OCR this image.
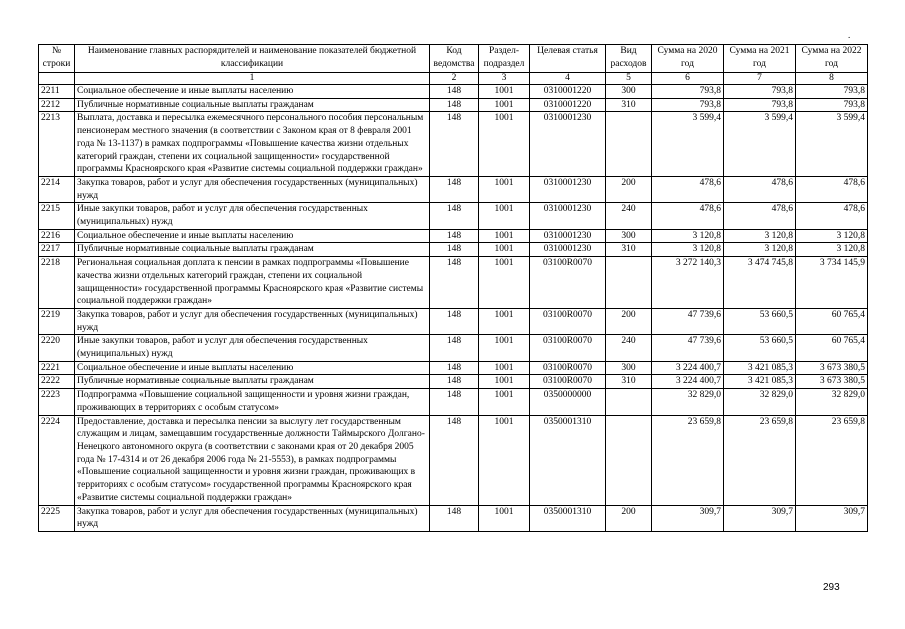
.
№ строки	Наименование главных распорядителей и наименование показателей бюджетной классификации	Код ведомства	Раздел-подраздел	Целевая статья	Вид расходов	Сумма на 2020 год	Сумма на 2021 год	Сумма на 2022 год
	1	2	3	4	5	6	7	8
2211	Социальное обеспечение и иные выплаты населению	148	1001	0310001220	300	793,8	793,8	793,8
2212	Публичные нормативные социальные выплаты гражданам	148	1001	0310001220	310	793,8	793,8	793,8
2213	Выплата, доставка и пересылка ежемесячного персонального пособия персональным пенсионерам местного значения (в соответствии с Законом края от 8 февраля 2001 года № 13-1137) в рамках подпрограммы «Повышение качества жизни отдельных категорий граждан, степени их социальной защищенности» государственной программы Красноярского края «Развитие системы социальной поддержки граждан»	148	1001	0310001230		3 599,4	3 599,4	3 599,4
2214	Закупка товаров, работ и услуг для обеспечения государственных (муниципальных) нужд	148	1001	0310001230	200	478,6	478,6	478,6
2215	Иные закупки товаров, работ и услуг для обеспечения государственных (муниципальных) нужд	148	1001	0310001230	240	478,6	478,6	478,6
2216	Социальное обеспечение и иные выплаты населению	148	1001	0310001230	300	3 120,8	3 120,8	3 120,8
2217	Публичные нормативные социальные выплаты гражданам	148	1001	0310001230	310	3 120,8	3 120,8	3 120,8
2218	Региональная социальная доплата к пенсии в рамках подпрограммы «Повышение качества жизни отдельных категорий граждан, степени их социальной защищенности» государственной программы Красноярского края «Развитие системы социальной поддержки граждан»	148	1001	03100R0070		3 272 140,3	3 474 745,8	3 734 145,9
2219	Закупка товаров, работ и услуг для обеспечения государственных (муниципальных) нужд	148	1001	03100R0070	200	47 739,6	53 660,5	60 765,4
2220	Иные закупки товаров, работ и услуг для обеспечения государственных (муниципальных) нужд	148	1001	03100R0070	240	47 739,6	53 660,5	60 765,4
2221	Социальное обеспечение и иные выплаты населению	148	1001	03100R0070	300	3 224 400,7	3 421 085,3	3 673 380,5
2222	Публичные нормативные социальные выплаты гражданам	148	1001	03100R0070	310	3 224 400,7	3 421 085,3	3 673 380,5
2223	Подпрограмма «Повышение социальной защищенности и уровня жизни граждан, проживающих в территориях с особым статусом»	148	1001	0350000000		32 829,0	32 829,0	32 829,0
2224	Предоставление, доставка и пересылка пенсии за выслугу лет государственным служащим и лицам, замещавшим государственные должности Таймырского Долгано-Ненецкого автономного округа (в соответствии с законами края от 20 декабря 2005 года № 17-4314 и от 26 декабря 2006 года № 21-5553), в рамках подпрограммы «Повышение социальной защищенности и уровня жизни граждан, проживающих в территориях с особым статусом» государственной программы Красноярского края «Развитие системы социальной поддержки граждан»	148	1001	0350001310		23 659,8	23 659,8	23 659,8
2225	Закупка товаров, работ и услуг для обеспечения государственных (муниципальных) нужд	148	1001	0350001310	200	309,7	309,7	309,7
293
